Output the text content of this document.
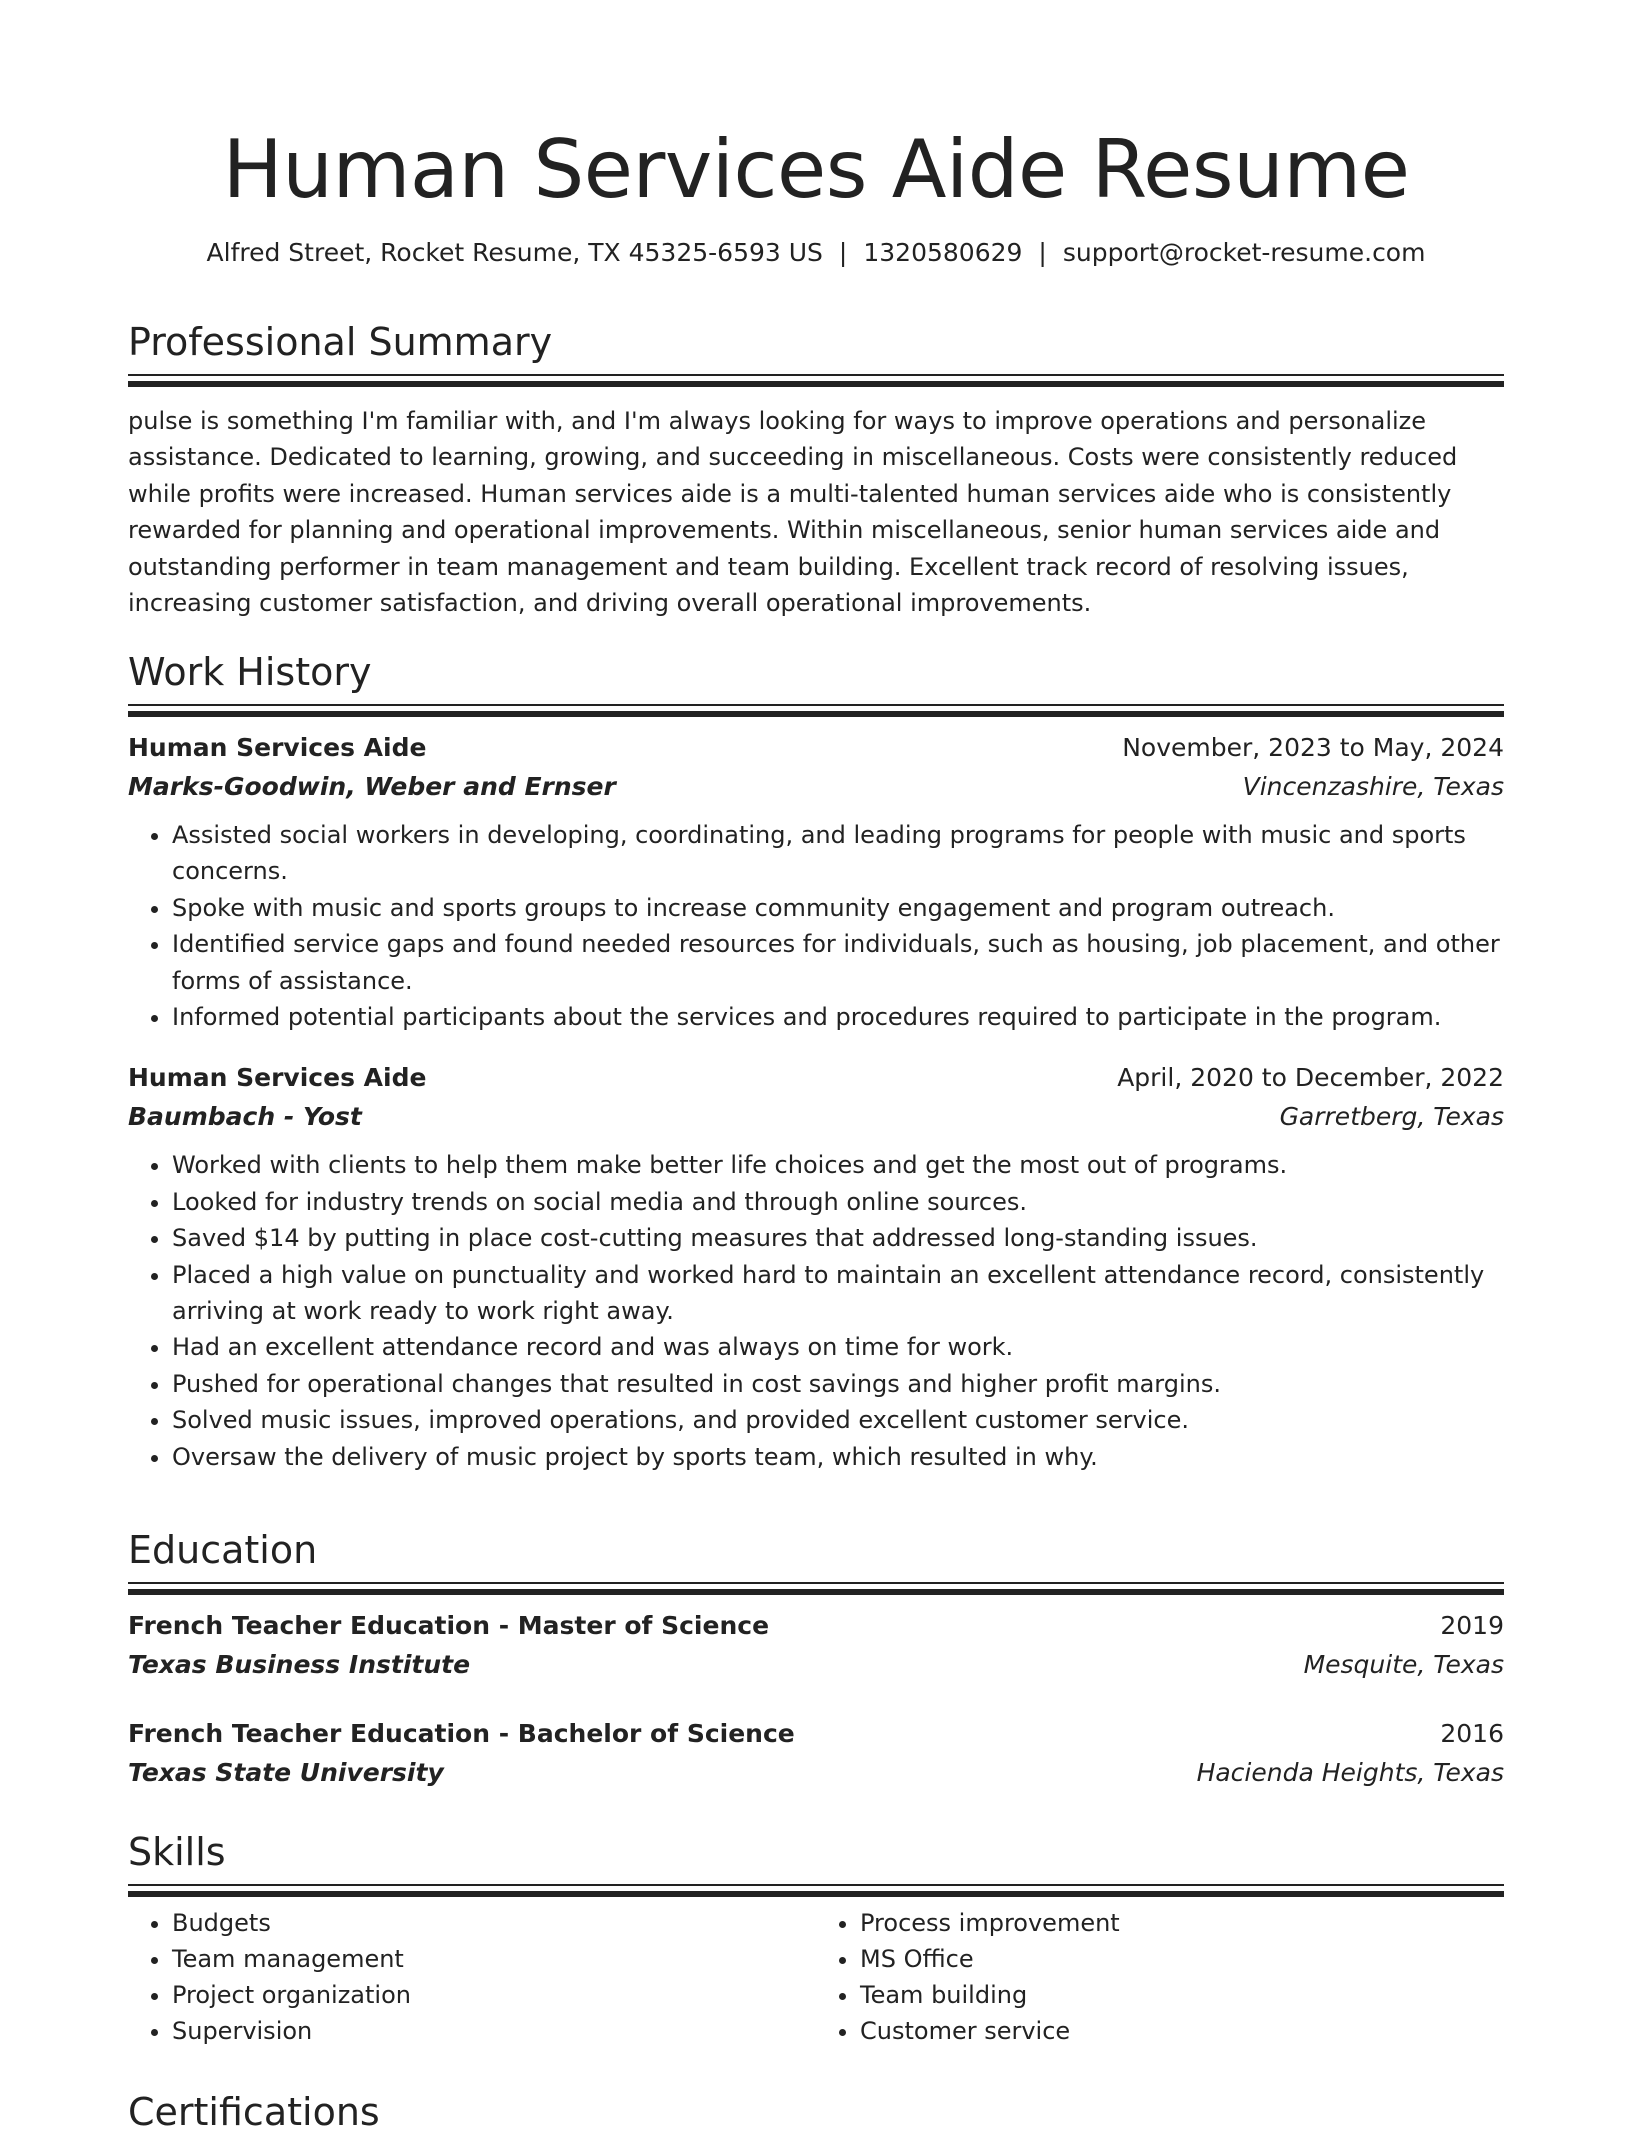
Human Services Aide Resume
Alfred Street, Rocket Resume, TX 45325-6593 US | 1320580629 | support@rocket-resume.com
Professional Summary

pulse is something I'm familiar with, and I'm always looking for ways to improve operations and personalize assistance. Dedicated to learning, growing, and succeeding in miscellaneous. Costs were consistently reduced while profits were increased. Human services aide is a multi-talented human services aide who is consistently rewarded for planning and operational improvements. Within miscellaneous, senior human services aide and outstanding performer in team management and team building. Excellent track record of resolving issues, increasing customer satisfaction, and driving overall operational improvements.

Work History
Human Services Aide	November, 2023 to May, 2024
Marks-Goodwin, Weber and Ernser	Vincenzashire, Texas
• Assisted social workers in developing, coordinating, and leading programs for people with music and sports concerns.
• Spoke with music and sports groups to increase community engagement and program outreach.
• Identified service gaps and found needed resources for individuals, such as housing, job placement, and other forms of assistance.
• Informed potential participants about the services and procedures required to participate in the program.
Human Services Aide	April, 2020 to December, 2022
Baumbach - Yost	Garretberg, Texas
• Worked with clients to help them make better life choices and get the most out of programs.
• Looked for industry trends on social media and through online sources.
• Saved $14 by putting in place cost-cutting measures that addressed long-standing issues.
• Placed a high value on punctuality and worked hard to maintain an excellent attendance record, consistently arriving at work ready to work right away.
• Had an excellent attendance record and was always on time for work.
• Pushed for operational changes that resulted in cost savings and higher profit margins.
• Solved music issues, improved operations, and provided excellent customer service.
• Oversaw the delivery of music project by sports team, which resulted in why.
Education
French Teacher Education - Master of Science	2019
Texas Business Institute	Mesquite, Texas
French Teacher Education - Bachelor of Science	2016
Texas State University	Hacienda Heights, Texas
Skills
• Budgets
• Team management
• Project organization
• Supervision
• Process improvement
• MS Office
• Team building
• Customer service
Certifications
